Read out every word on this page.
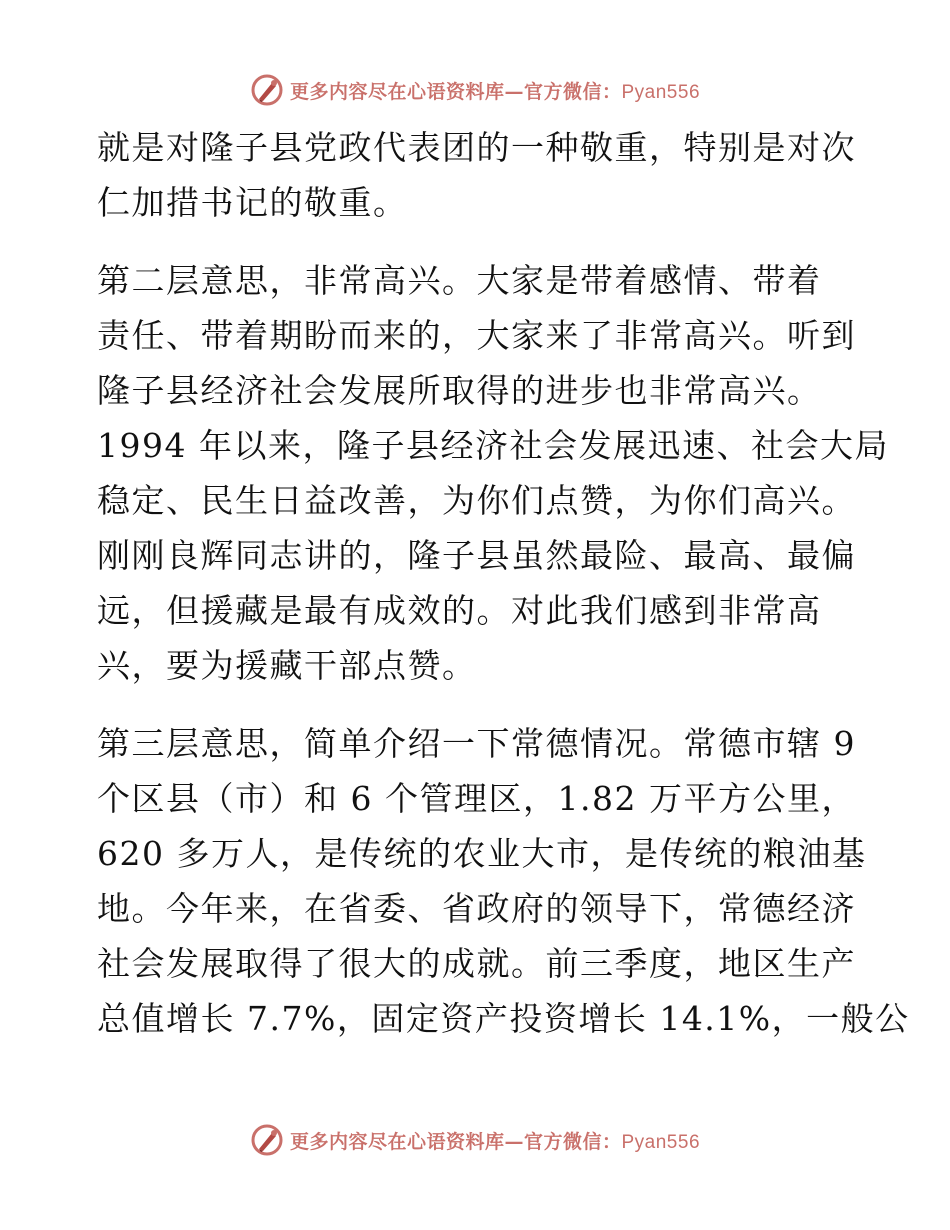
更多内容尽在心语资料库—官方微信：Pyan556
就是对隆子县党政代表团的一种敬重，特别是对次
仁加措书记的敬重。
第二层意思，非常高兴。大家是带着感情、带着
责任、带着期盼而来的，大家来了非常高兴。听到
隆子县经济社会发展所取得的进步也非常高兴。
1994 年以来，隆子县经济社会发展迅速、社会大局
稳定、民生日益改善，为你们点赞，为你们高兴。
刚刚良辉同志讲的，隆子县虽然最险、最高、最偏
远，但援藏是最有成效的。对此我们感到非常高
兴，要为援藏干部点赞。
第三层意思，简单介绍一下常德情况。常德市辖 9
个区县（市）和 6 个管理区，1.82 万平方公里，
620 多万人，是传统的农业大市，是传统的粮油基
地。今年来，在省委、省政府的领导下，常德经济
社会发展取得了很大的成就。前三季度，地区生产
总值增长 7.7%，固定资产投资增长 14.1%，一般公
更多内容尽在心语资料库—官方微信：Pyan556
